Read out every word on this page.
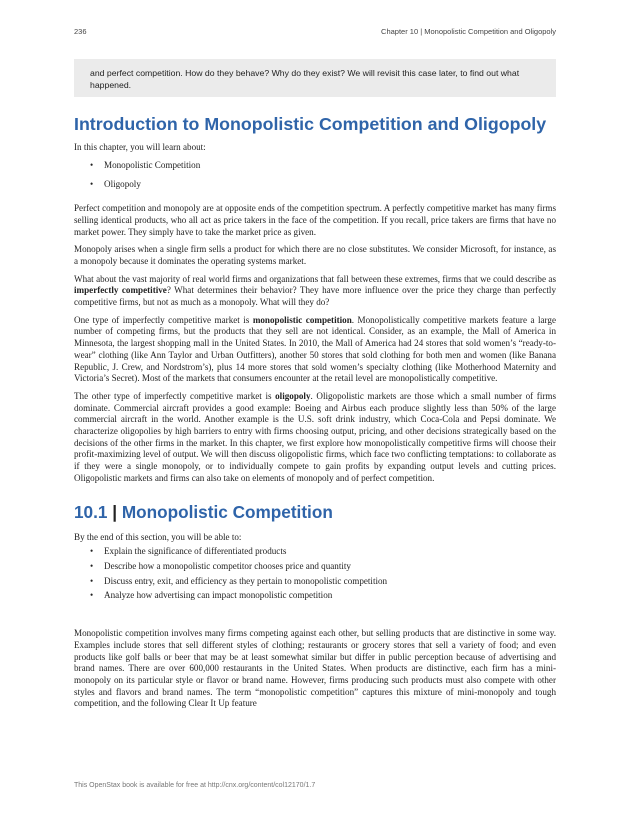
236	Chapter 10 | Monopolistic Competition and Oligopoly
and perfect competition. How do they behave? Why do they exist? We will revisit this case later, to find out what happened.
Introduction to Monopolistic Competition and Oligopoly

In this chapter, you will learn about:

• Monopolistic Competition
• Oligopoly

Perfect competition and monopoly are at opposite ends of the competition spectrum. A perfectly competitive market has many firms selling identical products, who all act as price takers in the face of the competition. If you recall, price takers are firms that have no market power. They simply have to take the market price as given.

Monopoly arises when a single firm sells a product for which there are no close substitutes. We consider Microsoft, for instance, as a monopoly because it dominates the operating systems market.

What about the vast majority of real world firms and organizations that fall between these extremes, firms that we could describe as imperfectly competitive? What determines their behavior? They have more influence over the price they charge than perfectly competitive firms, but not as much as a monopoly. What will they do?

One type of imperfectly competitive market is monopolistic competition. Monopolistically competitive markets feature a large number of competing firms, but the products that they sell are not identical. Consider, as an example, the Mall of America in Minnesota, the largest shopping mall in the United States. In 2010, the Mall of America had 24 stores that sold women’s “ready-to-wear” clothing (like Ann Taylor and Urban Outfitters), another 50 stores that sold clothing for both men and women (like Banana Republic, J. Crew, and Nordstrom’s), plus 14 more stores that sold women’s specialty clothing (like Motherhood Maternity and Victoria’s Secret). Most of the markets that consumers encounter at the retail level are monopolistically competitive.

The other type of imperfectly competitive market is oligopoly. Oligopolistic markets are those which a small number of firms dominate. Commercial aircraft provides a good example: Boeing and Airbus each produce slightly less than 50% of the large commercial aircraft in the world. Another example is the U.S. soft drink industry, which Coca-Cola and Pepsi dominate. We characterize oligopolies by high barriers to entry with firms choosing output, pricing, and other decisions strategically based on the decisions of the other firms in the market. In this chapter, we first explore how monopolistically competitive firms will choose their profit-maximizing level of output. We will then discuss oligopolistic firms, which face two conflicting temptations: to collaborate as if they were a single monopoly, or to individually compete to gain profits by expanding output levels and cutting prices. Oligopolistic markets and firms can also take on elements of monopoly and of perfect competition.

10.1 | Monopolistic Competition

By the end of this section, you will be able to:

• Explain the significance of differentiated products
• Describe how a monopolistic competitor chooses price and quantity
• Discuss entry, exit, and efficiency as they pertain to monopolistic competition
• Analyze how advertising can impact monopolistic competition

Monopolistic competition involves many firms competing against each other, but selling products that are distinctive in some way. Examples include stores that sell different styles of clothing; restaurants or grocery stores that sell a variety of food; and even products like golf balls or beer that may be at least somewhat similar but differ in public perception because of advertising and brand names. There are over 600,000 restaurants in the United States. When products are distinctive, each firm has a mini-monopoly on its particular style or flavor or brand name. However, firms producing such products must also compete with other styles and flavors and brand names. The term “monopolistic competition” captures this mixture of mini-monopoly and tough competition, and the following Clear It Up feature

This OpenStax book is available for free at http://cnx.org/content/col12170/1.7
